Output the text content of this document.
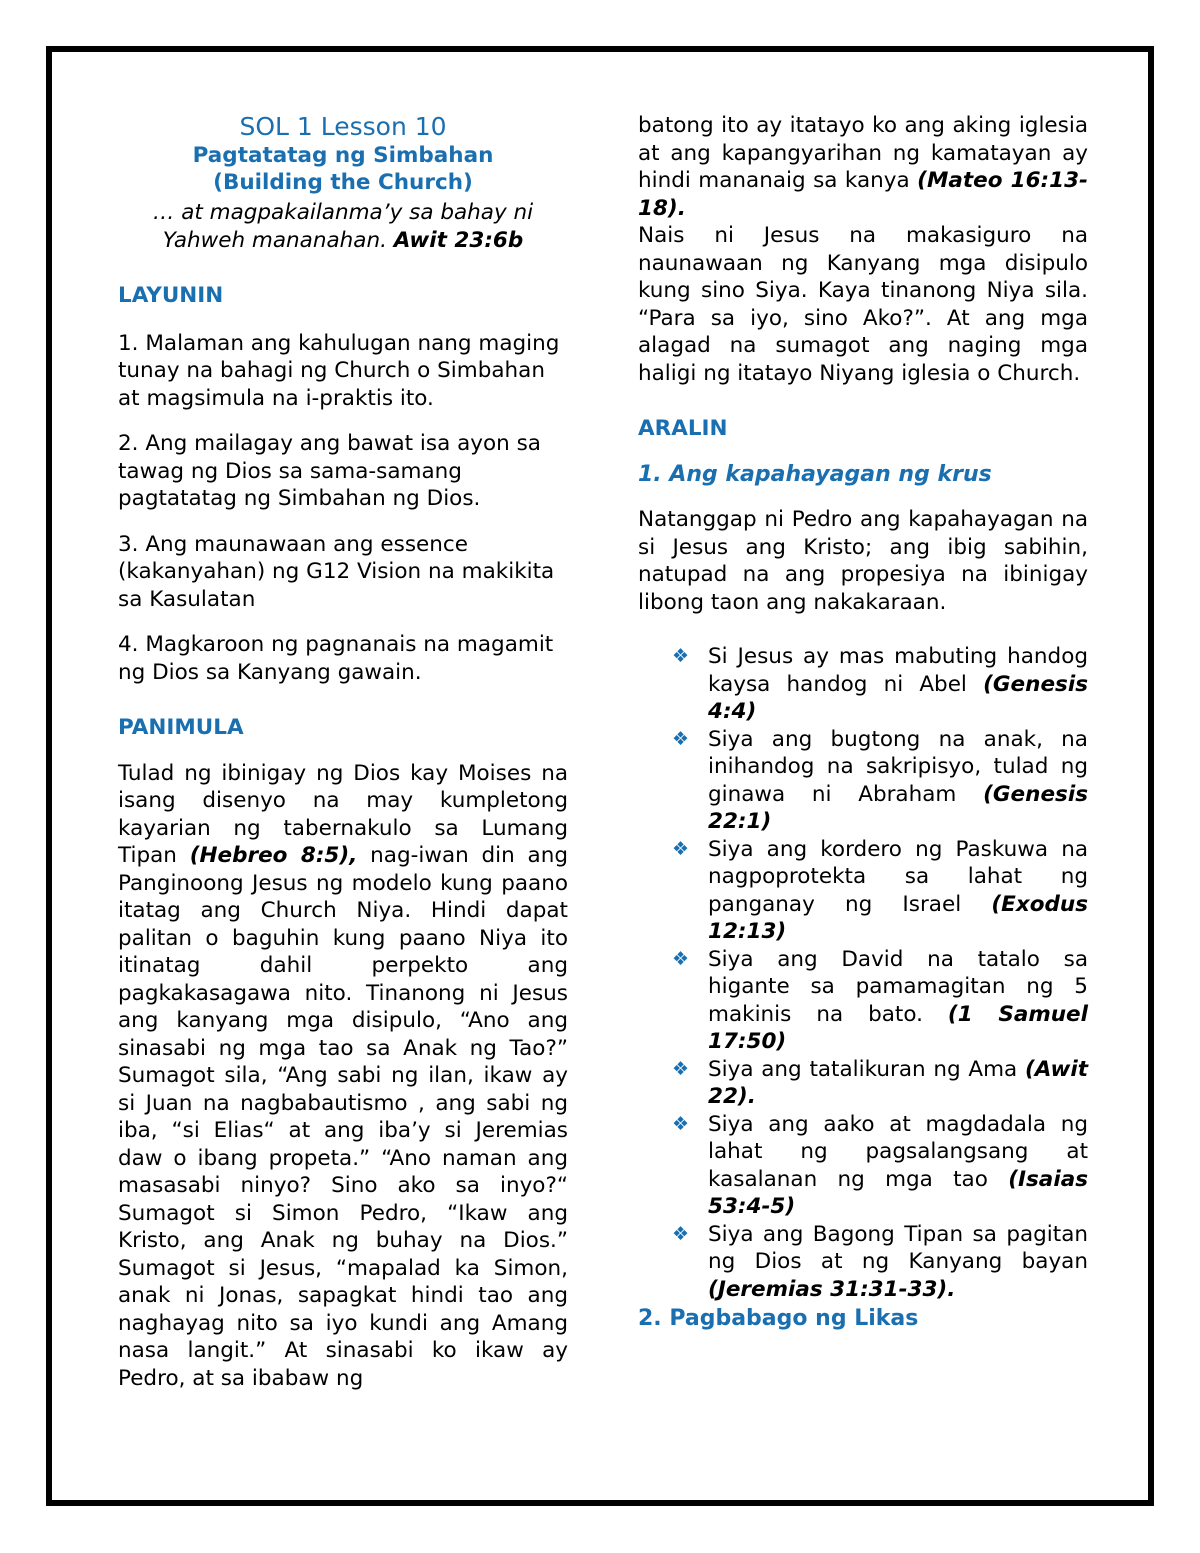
SOL 1 Lesson 10
Pagtatatag ng Simbahan
(Building the Church)
… at magpakailanma’y sa bahay ni Yahweh mananahan. Awit 23:6b
LAYUNIN

1. Malaman ang kahulugan nang maging tunay na bahagi ng Church o Simbahan at magsimula na i-praktis ito.

2. Ang mailagay ang bawat isa ayon sa tawag ng Dios sa sama-samang pagtatatag ng Simbahan ng Dios.

3. Ang maunawaan ang essence (kakanyahan) ng G12 Vision na makikita sa Kasulatan

4. Magkaroon ng pagnanais na magamit ng Dios sa Kanyang gawain.

PANIMULA

Tulad ng ibinigay ng Dios kay Moises na isang disenyo na may kumpletong kayarian ng tabernakulo sa Lumang Tipan (Hebreo 8:5), nag-iwan din ang Panginoong Jesus ng modelo kung paano itatag ang Church Niya. Hindi dapat palitan o baguhin kung paano Niya ito itinatag dahil perpekto ang pagkakasagawa nito. Tinanong ni Jesus ang kanyang mga disipulo, “Ano ang sinasabi ng mga tao sa Anak ng Tao?” Sumagot sila, “Ang sabi ng ilan, ikaw ay si Juan na nagbabautismo , ang sabi ng iba, “si Elias“ at ang iba’y si Jeremias daw o ibang propeta.” “Ano naman ang masasabi ninyo? Sino ako sa inyo?“ Sumagot si Simon Pedro, “Ikaw ang Kristo, ang Anak ng buhay na Dios.” Sumagot si Jesus, “mapalad ka Simon, anak ni Jonas, sapagkat hindi tao ang naghayag nito sa iyo kundi ang Amang nasa langit.” At sinasabi ko ikaw ay Pedro, at sa ibabaw ng

batong ito ay itatayo ko ang aking iglesia at ang kapangyarihan ng kamatayan ay hindi mananaig sa kanya (Mateo 16:13-18).

Nais ni Jesus na makasiguro na naunawaan ng Kanyang mga disipulo kung sino Siya. Kaya tinanong Niya sila. “Para sa iyo, sino Ako?”. At ang mga alagad na sumagot ang naging mga haligi ng itatayo Niyang iglesia o Church.

ARALIN
1. Ang kapahayagan ng krus

Natanggap ni Pedro ang kapahayagan na si Jesus ang Kristo; ang ibig sabihin, natupad na ang propesiya na ibinigay libong taon ang nakakaraan.

❖ Si Jesus ay mas mabuting handog kaysa handog ni Abel (Genesis 4:4)
❖ Siya ang bugtong na anak, na inihandog na sakripisyo, tulad ng ginawa ni Abraham (Genesis 22:1)
❖ Siya ang kordero ng Paskuwa na nagpoprotekta sa lahat ng panganay ng Israel (Exodus 12:13)
❖ Siya ang David na tatalo sa higante sa pamamagitan ng 5 makinis na bato. (1 Samuel 17:50)
❖ Siya ang tatalikuran ng Ama (Awit 22).
❖ Siya ang aako at magdadala ng lahat ng pagsalangsang at kasalanan ng mga tao (Isaias 53:4-5)
❖ Siya ang Bagong Tipan sa pagitan ng Dios at ng Kanyang bayan (Jeremias 31:31-33).
2. Pagbabago ng Likas
